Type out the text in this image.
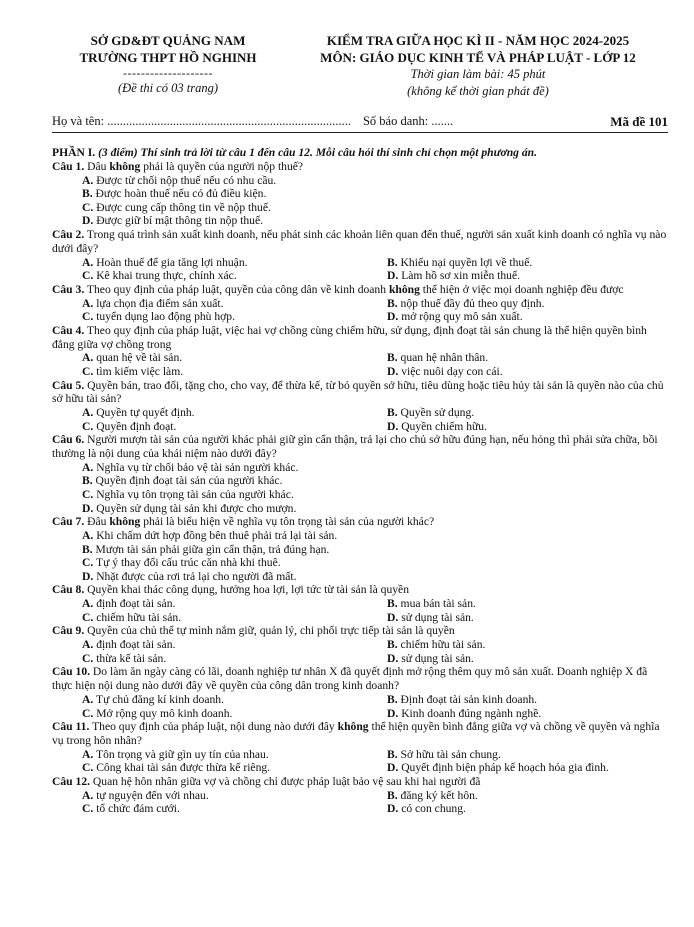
SỞ GD&ĐT QUẢNG NAM
TRƯỜNG THPT HỒ NGHINH
--------------------
(Đề thi có 03 trang)
KIỂM TRA GIỮA HỌC KÌ II - NĂM HỌC 2024-2025
MÔN: GIÁO DỤC KINH TẾ VÀ PHÁP LUẬT - LỚP 12
Thời gian làm bài: 45 phút
(không kể thời gian phát đề)
Họ và tên: .............................................................................. Số báo danh: .......	Mã đề 101
PHẦN I. (3 điểm) Thí sinh trả lời từ câu 1 đến câu 12. Mỗi câu hỏi thí sinh chỉ chọn một phương án.
Câu 1. Dâu không phải là quyền của người nộp thuế?
A. Được từ chối nộp thuế nếu có nhu cầu.
B. Được hoàn thuế nếu có đủ điều kiện.
C. Được cung cấp thông tin về nộp thuế.
D. Được giữ bí mật thông tin nộp thuế.
Câu 2. Trong quá trình sản xuất kinh doanh, nếu phát sinh các khoản liên quan đến thuế, người sản xuất kinh doanh có nghĩa vụ nào dưới đây?
A. Hoàn thuế để gia tăng lợi nhuận.	B. Khiếu nại quyền lợi về thuế.
C. Kê khai trung thực, chính xác.	D. Làm hồ sơ xin miễn thuế.
Câu 3. Theo quy định của pháp luật, quyền của công dân về kinh doanh không thể hiện ở việc mọi doanh nghiệp đều được
A. lựa chọn địa điểm sản xuất.	B. nộp thuế đầy đủ theo quy định.
C. tuyển dụng lao động phù hợp.	D. mở rộng quy mô sản xuất.
Câu 4. Theo quy định của pháp luật, việc hai vợ chồng cùng chiếm hữu, sử dụng, định đoạt tài sản chung là thể hiện quyền bình đẳng giữa vợ chồng trong
A. quan hệ về tài sản.	B. quan hệ nhân thân.
C. tìm kiếm việc làm.	D. việc nuôi dạy con cái.
Câu 5. Quyền bán, trao đổi, tặng cho, cho vay, để thừa kế, từ bỏ quyền sở hữu, tiêu dùng hoặc tiêu hủy tài sản là quyền nào của chủ sở hữu tài sản?
A. Quyền tự quyết định.	B. Quyền sử dụng.
C. Quyền định đoạt.	D. Quyền chiếm hữu.
Câu 6. Người mượn tài sản của người khác phải giữ gìn cẩn thận, trả lại cho chủ sở hữu đúng hạn, nếu hỏng thì phải sửa chữa, bồi thường là nội dung của khái niệm nào dưới đây?
A. Nghĩa vụ từ chối bảo vệ tài sản người khác.
B. Quyền định đoạt tài sản của người khác.
C. Nghĩa vụ tôn trọng tài sản của người khác.
D. Quyền sử dụng tài sản khi được cho mượn.
Câu 7. Đâu không phải là biểu hiện về nghĩa vụ tôn trọng tài sản của người khác?
A. Khi chấm dứt hợp đồng bên thuê phải trả lại tài sản.
B. Mượn tài sản phải giữa gìn cẩn thận, trả đúng hạn.
C. Tự ý thay đổi cấu trúc căn nhà khi thuê.
D. Nhặt được của rơi trả lại cho người đã mất.
Câu 8. Quyền khai thác công dụng, hưởng hoa lợi, lợi tức từ tài sản là quyền
A. định đoạt tài sản.	B. mua bán tài sản.
C. chiếm hữu tài sản.	D. sử dụng tài sản.
Câu 9. Quyền của chủ thể tự mình nắm giữ, quản lý, chi phối trực tiếp tài sản là quyền
A. định đoạt tài sản.	B. chiếm hữu tài sản.
C. thừa kế tài sản.	D. sử dụng tài sản.
Câu 10. Do làm ăn ngày càng có lãi, doanh nghiệp tư nhân X đã quyết định mở rộng thêm quy mô sản xuất. Doanh nghiệp X đã thực hiện nội dung nào dưới đây về quyền của công dân trong kinh doanh?
A. Tự chủ đăng kí kinh doanh.	B. Định đoạt tài sản kinh doanh.
C. Mở rộng quy mô kinh doanh.	D. Kinh doanh đúng ngành nghề.
Câu 11. Theo quy định của pháp luật, nội dung nào dưới đây không thể hiện quyền bình đẳng giữa vợ và chồng về quyền và nghĩa vụ trong hôn nhân?
A. Tôn trọng và giữ gìn uy tín của nhau.	B. Sở hữu tài sản chung.
C. Công khai tài sản được thừa kế riêng.	D. Quyết định biện pháp kế hoạch hóa gia đình.
Câu 12. Quan hệ hôn nhân giữa vợ và chồng chỉ được pháp luật bảo vệ sau khi hai người đã
A. tự nguyện đến với nhau.	B. đăng ký kết hôn.
C. tổ chức đám cưới.	D. có con chung.
